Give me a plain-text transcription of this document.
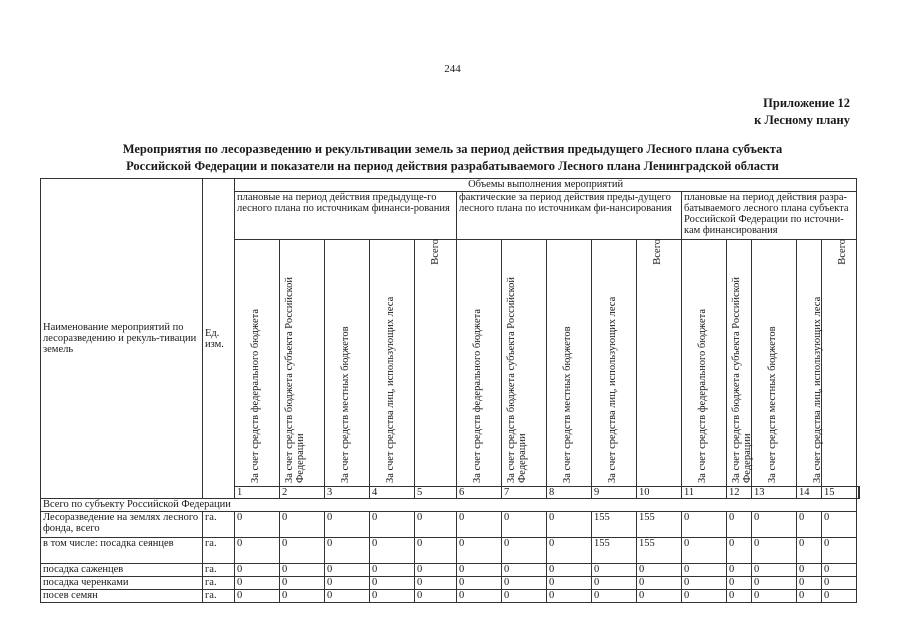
244
Приложение 12
к Лесному плану
Мероприятия по лесоразведению и рекультивации земель за период действия предыдущего Лесного плана субъекта
Российской Федерации и показатели на период действия разрабатываемого Лесного плана Ленинградской области
Наименование мероприятий по лесоразведению и рекуль-тивации земель	Ед. изм.	Объемы выполнения мероприятий																
		плановые на период действия предыдуще-го лесного плана по источникам финанси-рования					фактические за период действия преды-дущего лесного плана по источникам фи-нансирования					плановые на период действия разра-батываемого лесного плана субъекта Российской Федерации по источни-кам финансирования						

		За счет средств федерального бюджета	За счет средств бюджета субъекта Российской Федерации	За счет средств местных бюджетов	За счет средства лиц, использующих леса	Всего	За счет средств федерального бюджета	За счет средств бюджета субъекта Российской Федерации	За счет средств местных бюджетов	За счет средства лиц, использующих леса	Всего	За счет средств федерального бюджета	За счет средств бюджета субъекта Российской Федерации	За счет средств местных бюджетов	За счет средства лиц, использующих леса	Всего		

		1	2	3	4	5	6	7	8	9	10	11	12	13	14	15		
Всего по субъекту Российской Федерации																		
Лесоразведение на землях лесного фонда, всего	га.	0	0	0	0	0	0	0	0	155	155	0	0	0	0	0		
в том числе: посадка сеянцев	га.	0	0	0	0	0	0	0	0	155	155	0	0	0	0	0		
посадка саженцев	га.	0	0	0	0	0	0	0	0	0	0	0	0	0	0	0		
посадка черенками	га.	0	0	0	0	0	0	0	0	0	0	0	0	0	0	0		
посев семян	га.	0	0	0	0	0	0	0	0	0	0	0	0	0	0	0		
